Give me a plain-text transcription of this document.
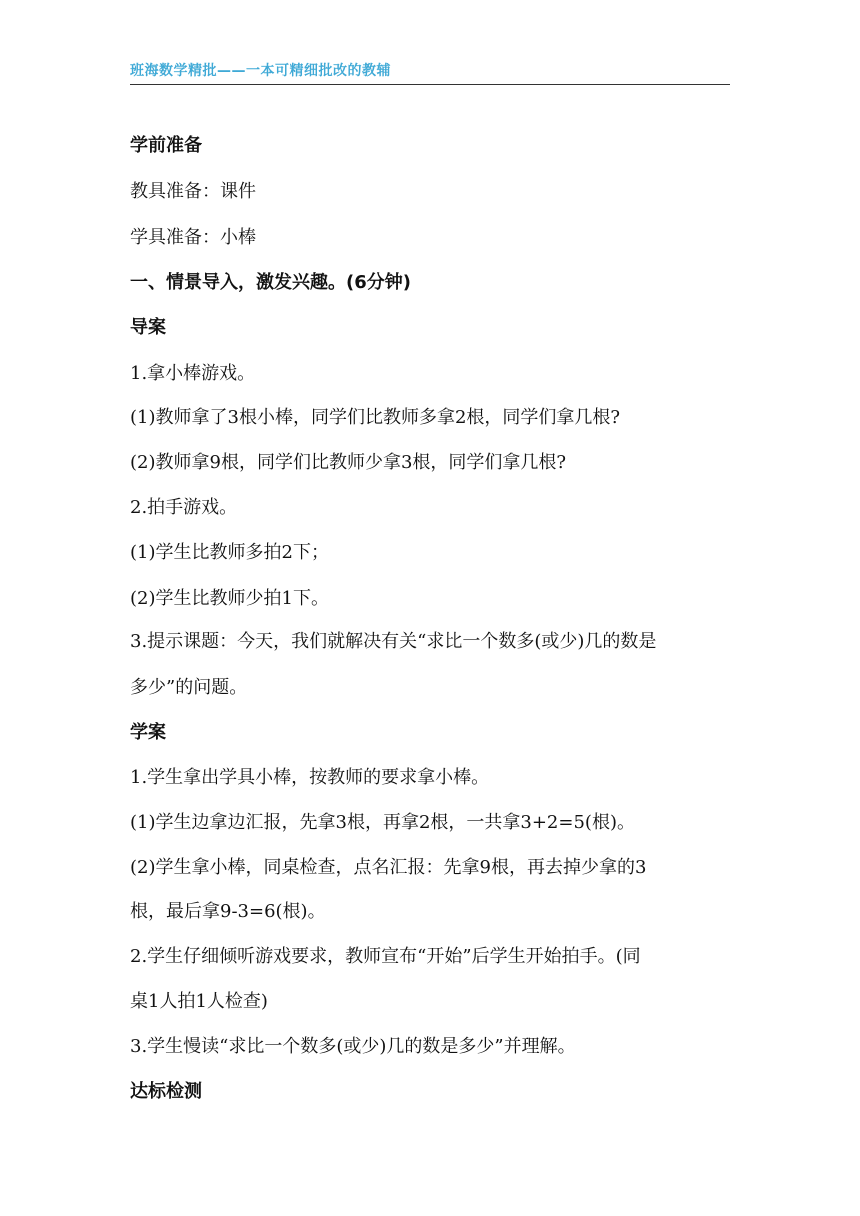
班海数学精批——一本可精细批改的教辅
学前准备
教具准备：课件
学具准备：小棒
一、情景导入，激发兴趣。(6分钟)
导案
1.拿小棒游戏。
(1)教师拿了3根小棒，同学们比教师多拿2根，同学们拿几根?
(2)教师拿9根，同学们比教师少拿3根，同学们拿几根?
2.拍手游戏。
(1)学生比教师多拍2下；
(2)学生比教师少拍1下。
3.提示课题：今天，我们就解决有关“求比一个数多(或少)几的数是
多少”的问题。
学案
1.学生拿出学具小棒，按教师的要求拿小棒。
(1)学生边拿边汇报，先拿3根，再拿2根，一共拿3+2=5(根)。
(2)学生拿小棒，同桌检查，点名汇报：先拿9根，再去掉少拿的3
根，最后拿9-3=6(根)。
2.学生仔细倾听游戏要求，教师宣布“开始”后学生开始拍手。(同
桌1人拍1人检查)
3.学生慢读“求比一个数多(或少)几的数是多少”并理解。
达标检测
